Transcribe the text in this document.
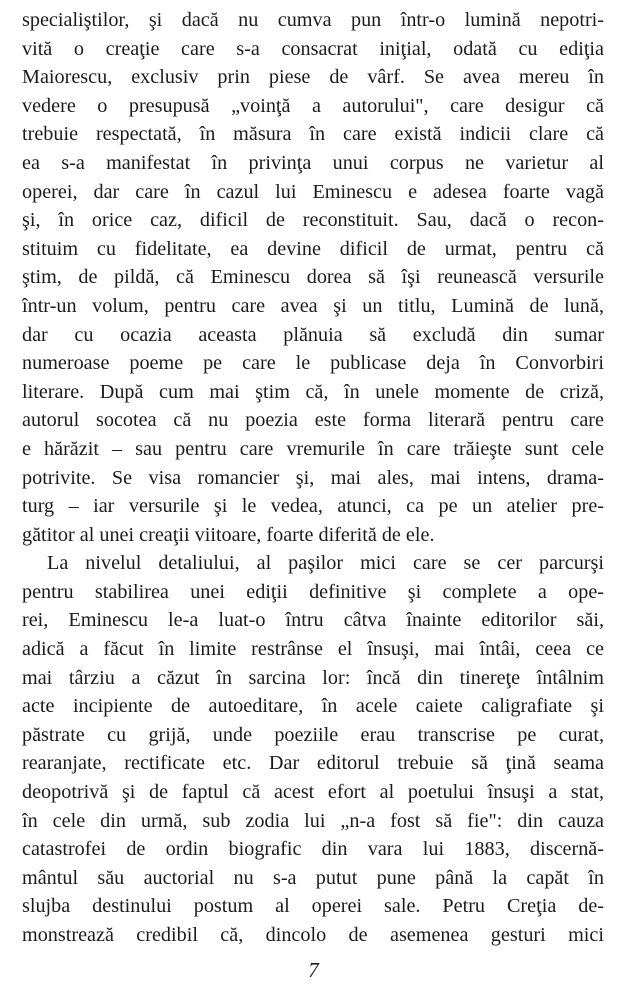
specialiştilor, şi dacă nu cumva pun într-o lumină nepotri-
vită o creaţie care s-a consacrat iniţial, odată cu ediţia
Maiorescu, exclusiv prin piese de vârf. Se avea mereu în
vedere o presupusă „voinţă a autorului", care desigur că
trebuie respectată, în măsura în care există indicii clare că
ea s-a manifestat în privinţa unui corpus ne varietur al
operei, dar care în cazul lui Eminescu e adesea foarte vagă
şi, în orice caz, dificil de reconstituit. Sau, dacă o recon-
stituim cu fidelitate, ea devine dificil de urmat, pentru că
ştim, de pildă, că Eminescu dorea să îşi reunească versurile
într-un volum, pentru care avea şi un titlu, Lumină de lună,
dar cu ocazia aceasta plănuia să excludă din sumar
numeroase poeme pe care le publicase deja în Convorbiri
literare. După cum mai ştim că, în unele momente de criză,
autorul socotea că nu poezia este forma literară pentru care
e hărăzit – sau pentru care vremurile în care trăieşte sunt cele
potrivite. Se visa romancier şi, mai ales, mai intens, drama-
turg – iar versurile şi le vedea, atunci, ca pe un atelier pre-
gătitor al unei creaţii viitoare, foarte diferită de ele.
La nivelul detaliului, al paşilor mici care se cer parcurşi
pentru stabilirea unei ediţii definitive şi complete a ope-
rei, Eminescu le-a luat-o întru câtva înainte editorilor săi,
adică a făcut în limite restrânse el însuşi, mai întâi, ceea ce
mai târziu a căzut în sarcina lor: încă din tinereţe întâlnim
acte incipiente de autoeditare, în acele caiete caligrafiate şi
păstrate cu grijă, unde poeziile erau transcrise pe curat,
rearanjate, rectificate etc. Dar editorul trebuie să ţină seama
deopotrivă şi de faptul că acest efort al poetului însuşi a stat,
în cele din urmă, sub zodia lui „n-a fost să fie": din cauza
catastrofei de ordin biografic din vara lui 1883, discernă-
mântul său auctorial nu s-a putut pune până la capăt în
slujba destinului postum al operei sale. Petru Creţia de-
monstrează credibil că, dincolo de asemenea gesturi mici
7
